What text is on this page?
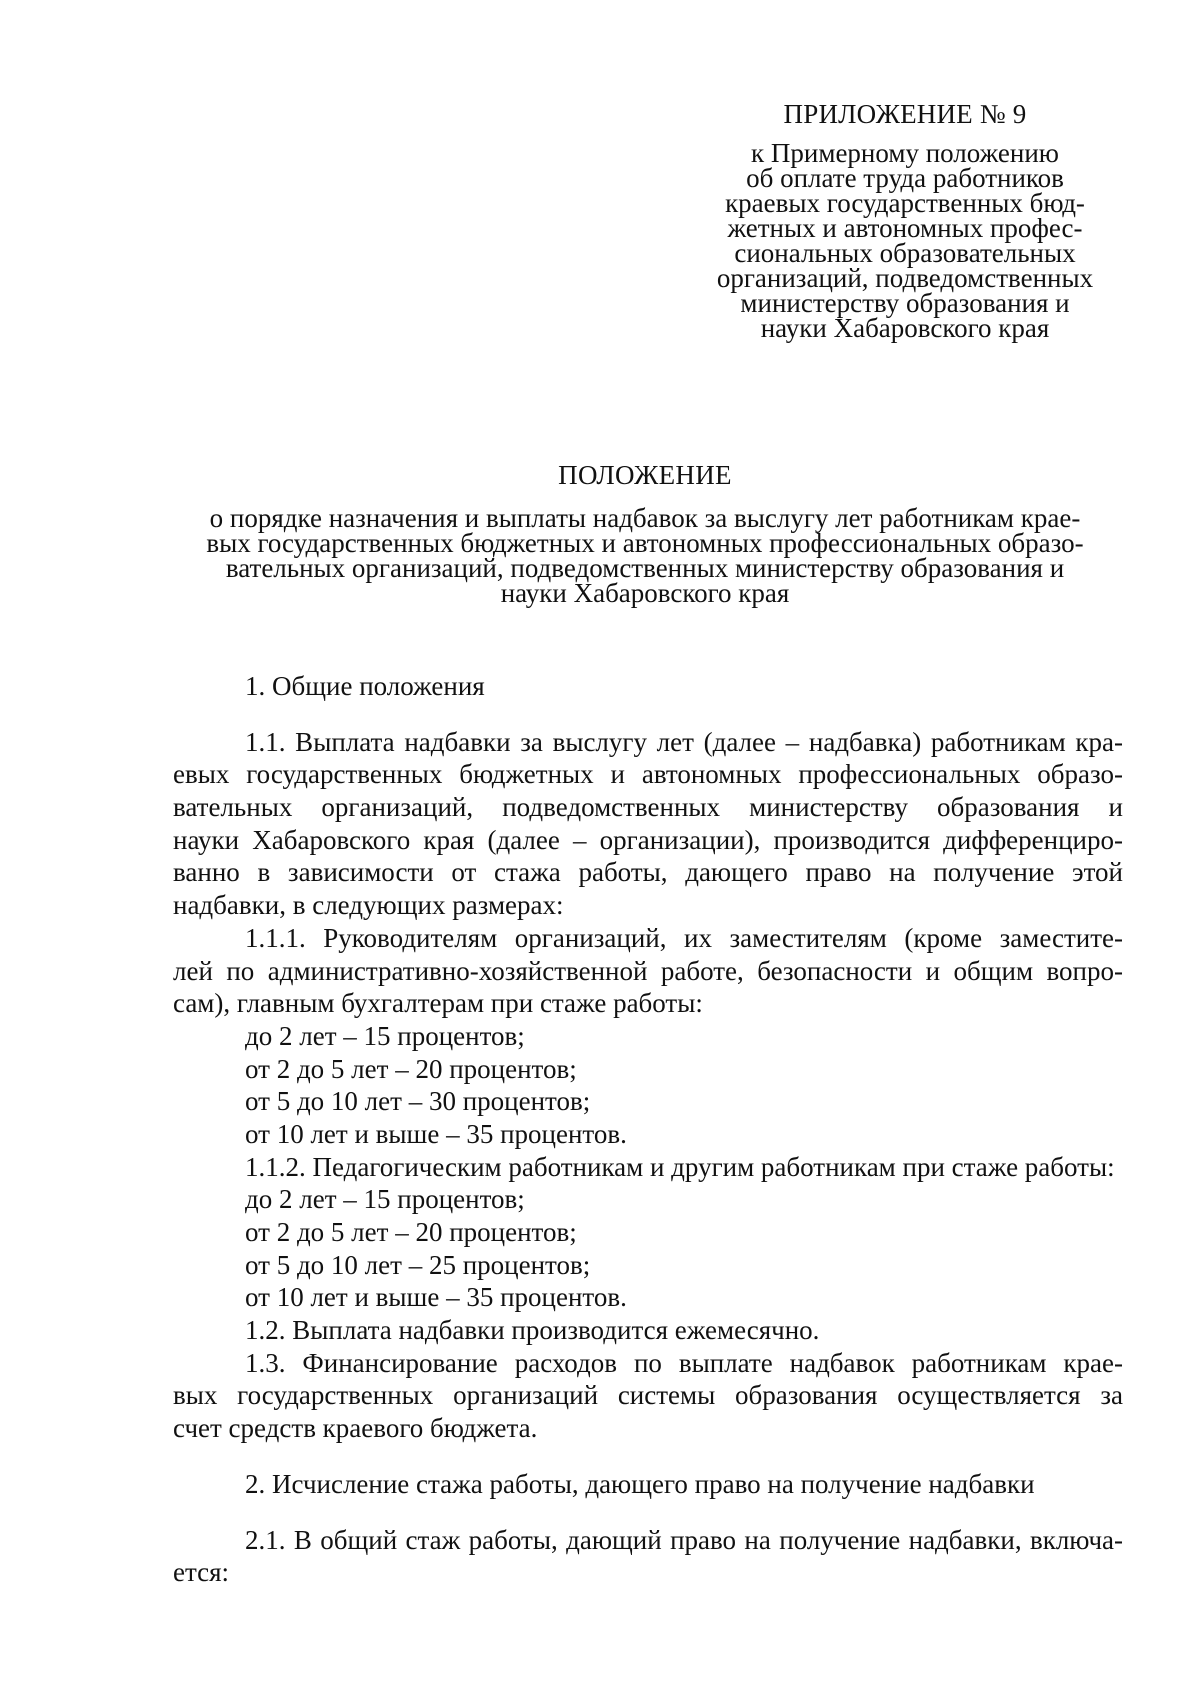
ПРИЛОЖЕНИЕ № 9
к Примерному положению
об оплате труда работников
краевых государственных бюд-
жетных и автономных профес-
сиональных образовательных
организаций, подведомственных
министерству образования и
науки Хабаровского края
ПОЛОЖЕНИЕ
о порядке назначения и выплаты надбавок за выслугу лет работникам крае-
вых государственных бюджетных и автономных профессиональных образо-
вательных организаций, подведомственных министерству образования и
науки Хабаровского края
1. Общие положения
1.1. Выплата надбавки за выслугу лет (далее – надбавка) работникам кра-
евых государственных бюджетных и автономных профессиональных образо-
вательных организаций, подведомственных министерству образования и
науки Хабаровского края (далее – организации), производится дифференциро-
ванно в зависимости от стажа работы, дающего право на получение этой
надбавки, в следующих размерах:
1.1.1. Руководителям организаций, их заместителям (кроме заместите-
лей по административно-хозяйственной работе, безопасности и общим вопро-
сам), главным бухгалтерам при стаже работы:
до 2 лет – 15 процентов;
от 2 до 5 лет – 20 процентов;
от 5 до 10 лет – 30 процентов;
от 10 лет и выше – 35 процентов.
1.1.2. Педагогическим работникам и другим работникам при стаже работы:
до 2 лет – 15 процентов;
от 2 до 5 лет – 20 процентов;
от 5 до 10 лет – 25 процентов;
от 10 лет и выше – 35 процентов.
1.2. Выплата надбавки производится ежемесячно.
1.3. Финансирование расходов по выплате надбавок работникам крае-
вых государственных организаций системы образования осуществляется за
счет средств краевого бюджета.
2. Исчисление стажа работы, дающего право на получение надбавки
2.1. В общий стаж работы, дающий право на получение надбавки, включа-
ется:
